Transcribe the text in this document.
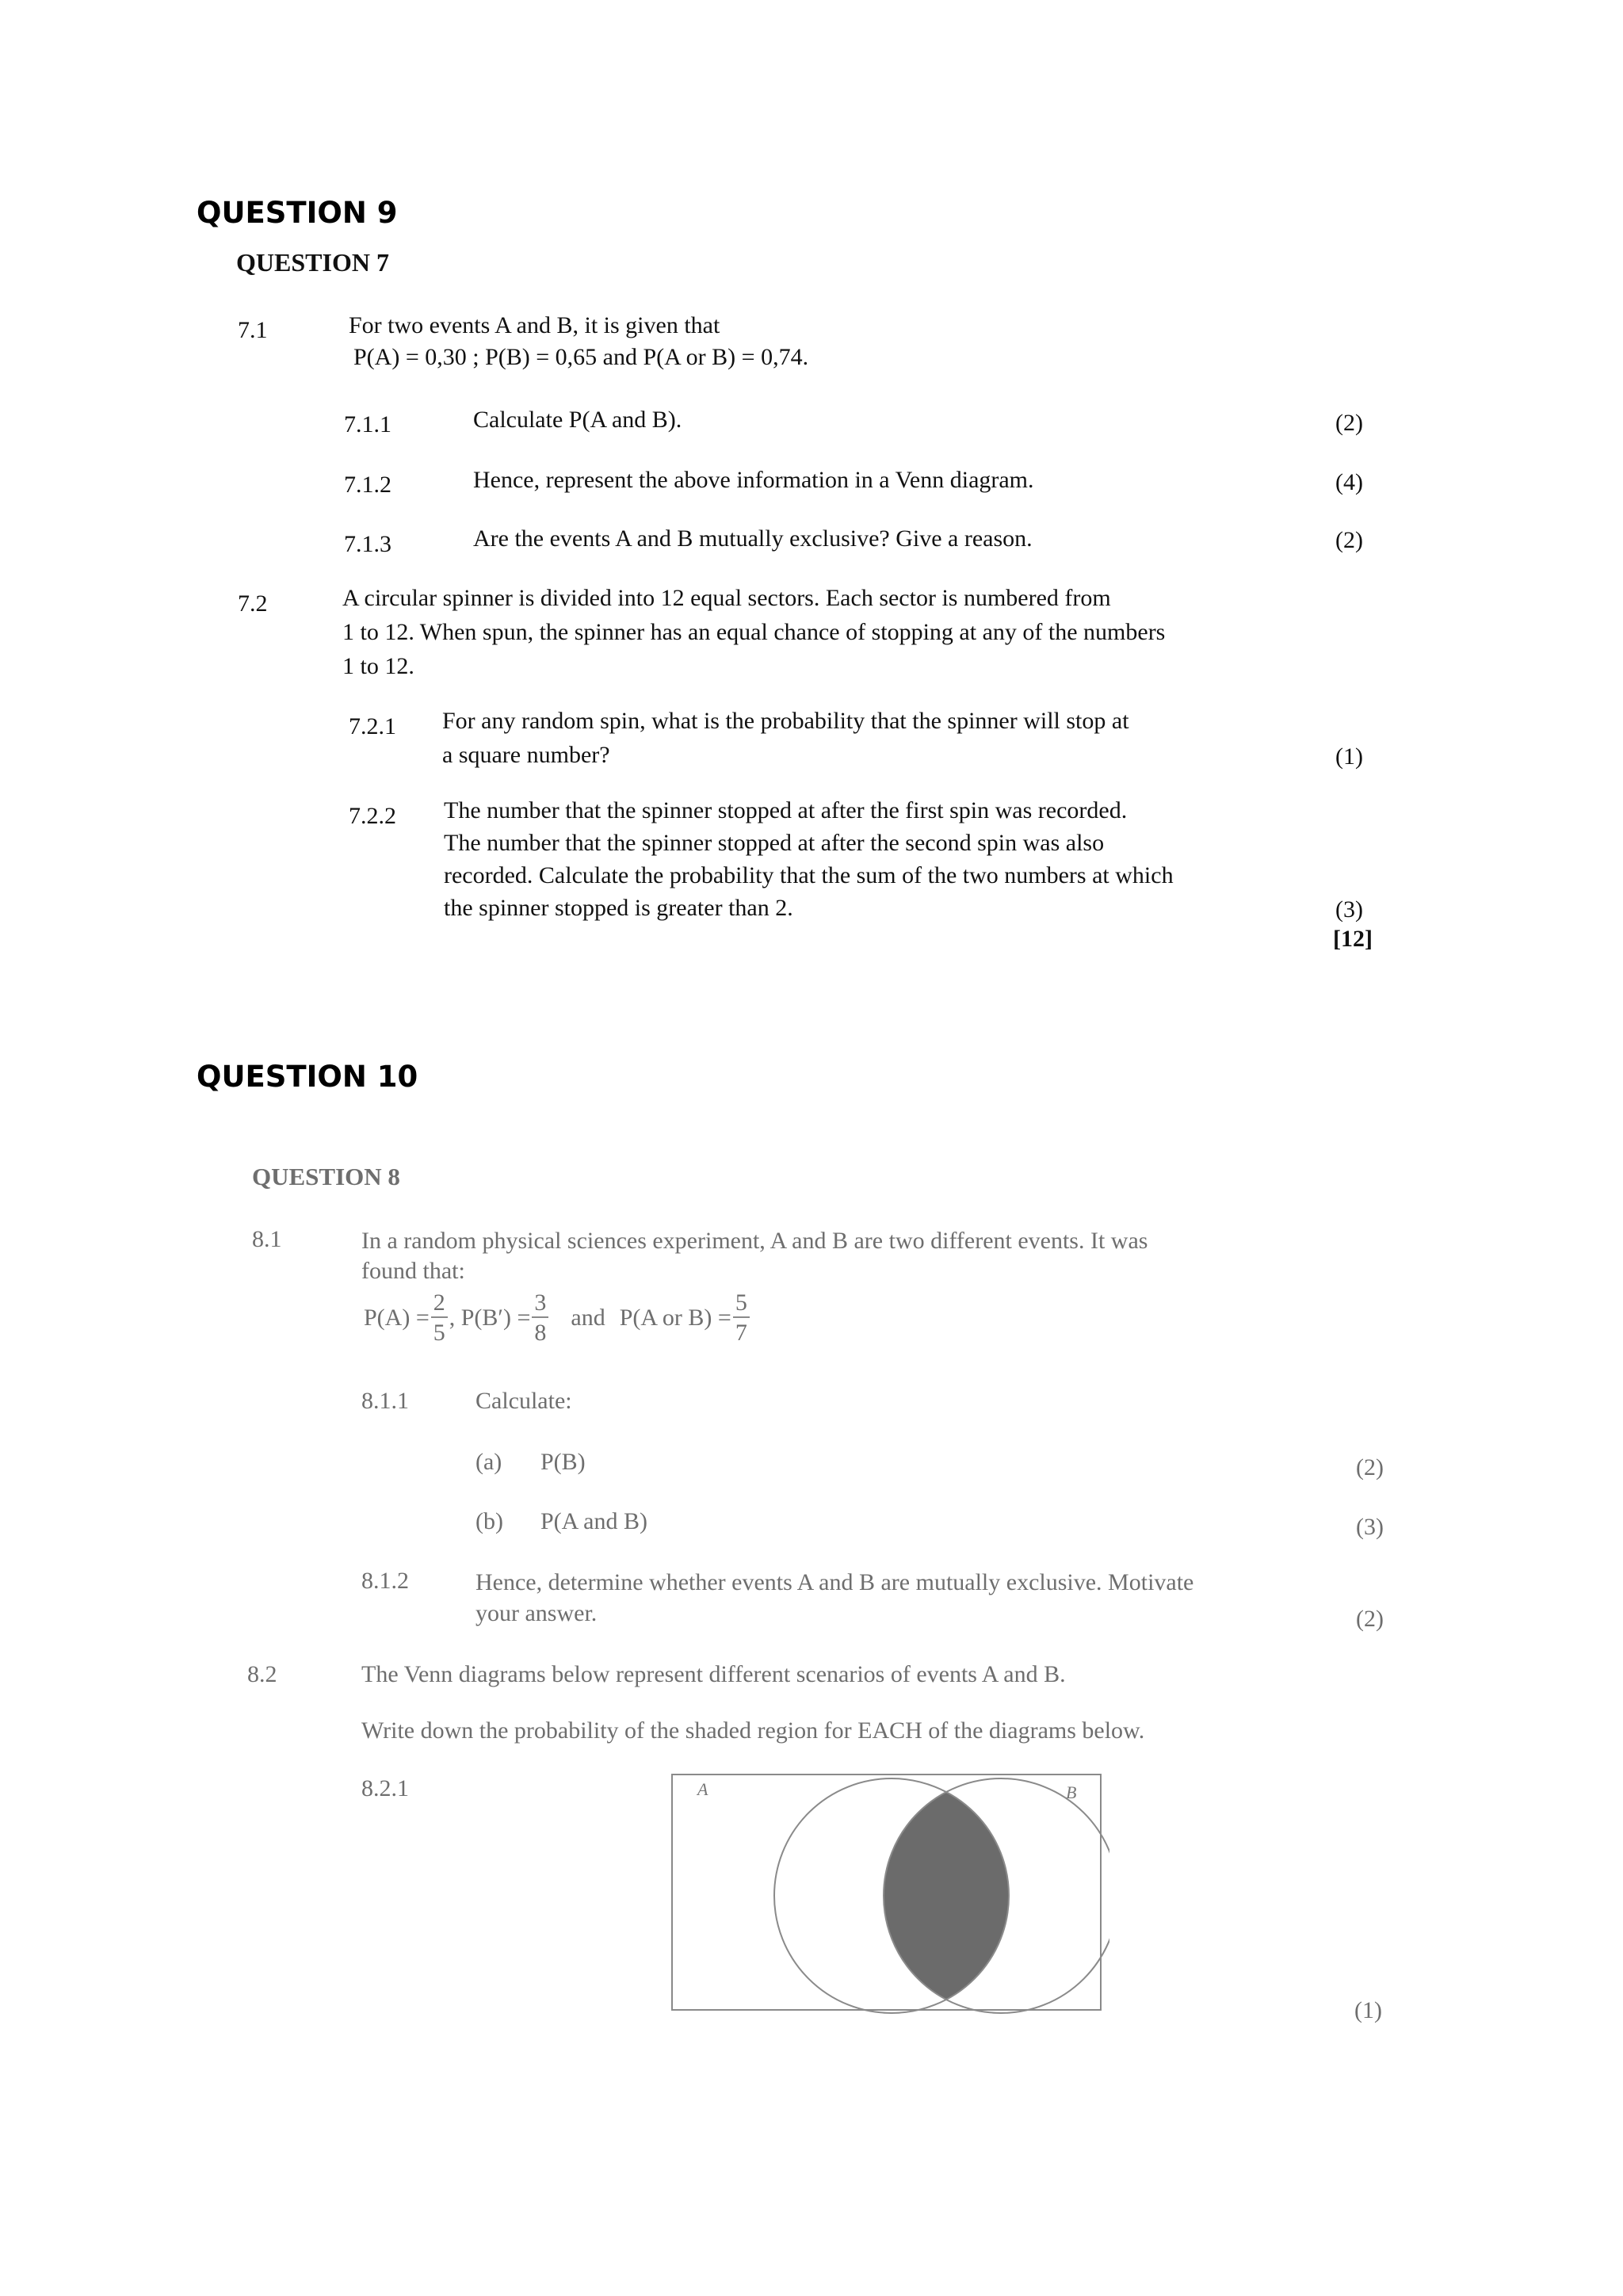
QUESTION 9
QUESTION 7
7.1	For two events A and B, it is given that
P(A) = 0,30 ; P(B) = 0,65 and P(A or B) = 0,74.
7.1.1	Calculate P(A and B).	(2)
7.1.2	Hence, represent the above information in a Venn diagram.	(4)
7.1.3	Are the events A and B mutually exclusive? Give a reason.	(2)
7.2	A circular spinner is divided into 12 equal sectors. Each sector is numbered from
1 to 12. When spun, the spinner has an equal chance of stopping at any of the numbers
1 to 12.
7.2.1 For any random spin, what is the probability that the spinner will stop at
a square number?	(1)
7.2.2 The number that the spinner stopped at after the first spin was recorded.
The number that the spinner stopped at after the second spin was also
recorded. Calculate the probability that the sum of the two numbers at which
the spinner stopped is greater than 2.	(3)
[12]
QUESTION 10
QUESTION 8
8.1	In a random physical sciences experiment, A and B are two different events. It was
found that:
$P(A) = \frac{2}{5}$ , $P(B') = \frac{3}{8}$ and P(A or $B) = \frac{5}{7}$
8.1.1	Calculate:
(a) P(B)	(2)
(b) P(A and B)	(3)
8.1.2	Hence, determine whether events A and B are mutually exclusive. Motivate
your answer.	(2)
8.2	The Venn diagrams below represent different scenarios of events A and B.
Write down the probability of the shaded region for EACH of the diagrams below.
8.2.1	A	B
(1)
